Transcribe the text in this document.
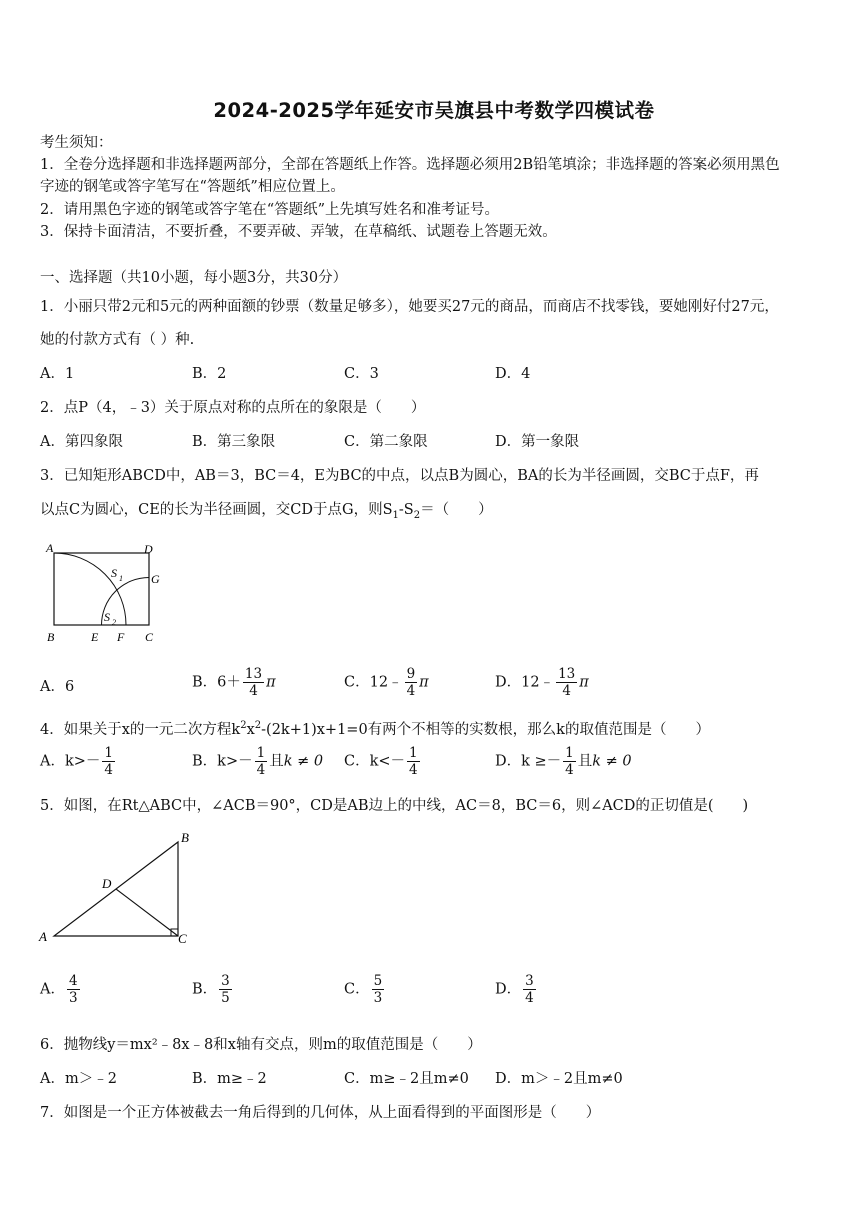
2024-2025学年延安市吴旗县中考数学四模试卷
考生须知：
1．全卷分选择题和非选择题两部分，全部在答题纸上作答。选择题必须用2B铅笔填涂；非选择题的答案必须用黑色
字迹的钢笔或答字笔写在“答题纸”相应位置上。
2．请用黑色字迹的钢笔或答字笔在“答题纸”上先填写姓名和准考证号。
3．保持卡面清洁，不要折叠，不要弄破、弄皱，在草稿纸、试题卷上答题无效。
一、选择题（共10小题，每小题3分，共30分）
1．小丽只带2元和5元的两种面额的钞票（数量足够多），她要买27元的商品，而商店不找零钱，要她刚好付27元，
她的付款方式有（ ）种.
A．1	B．2	C．3	D．4
2．点P（4，﹣3）关于原点对称的点所在的象限是（　　）
A．第四象限	B．第三象限	C．第二象限	D．第一象限
3．已知矩形ABCD中，AB＝3，BC＝4，E为BC的中点，以点B为圆心，BA的长为半径画圆，交BC于点F，再
以点C为圆心，CE的长为半径画圆，交CD于点G，则$S_1-S_2=$（　　）
A	D
G
B	E F C
S 1
S 2
A．6	B．$6+ \frac{13}{4}$ π	C．12﹣ $\frac{9}{4}$ π	D．12﹣ $\frac{13}{4}$ π
4．如果关于x的一元二次方程$k^2x^2-(2k+1)x+1=0$有两个不相等的实数根，那么k的取值范围是（　　）
A．$k>- \frac{1}{4}$	B．$k>- \frac{1}{4}$ 且k ≠ 0 C．$k<- \frac{1}{4}$	D．$k \ge- \frac{1}{4}$ 且k ≠ 0
5．如图，在Rt△ABC中，∠ACB＝90°，CD是AB边上的中线，AC＝8，BC＝6，则∠ACD的正切值是(　　)
A
B
C
D
A． $\frac{4}{3}$	B． $\frac{3}{5}$	C． $\frac{5}{3}$	D． $\frac{3}{4}$
6．抛物线y＝mx²﹣8x﹣8和x轴有交点，则m的取值范围是（　　）
A．m＞﹣2	B．m≥﹣2	C．m≥﹣2且m≠0 D．m＞﹣2且m≠0
7．如图是一个正方体被截去一角后得到的几何体，从上面看得到的平面图形是（　　）
